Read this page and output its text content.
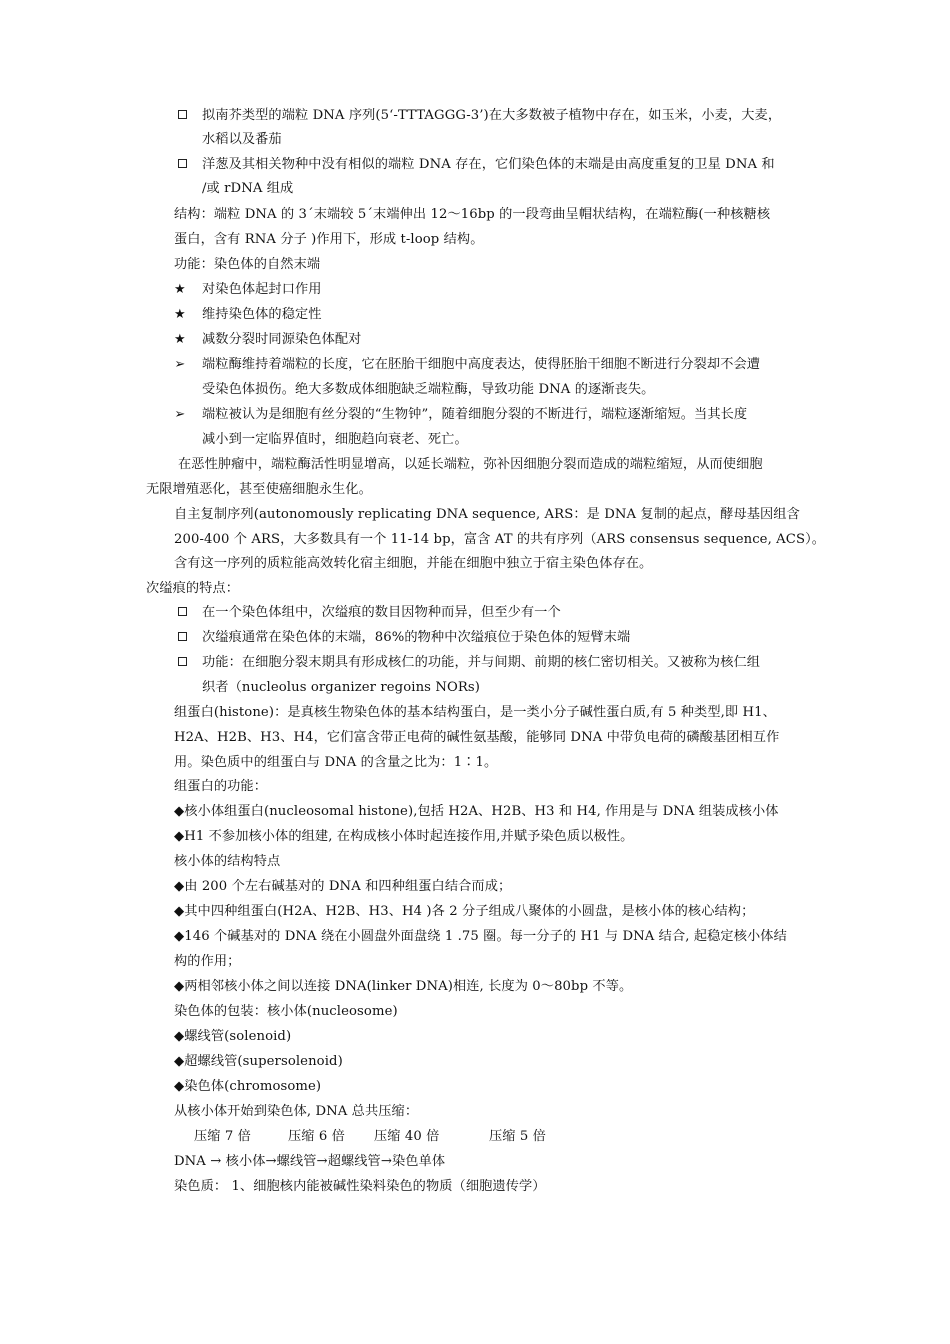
拟南芥类型的端粒 DNA 序列(5‘-TTTAGGG-3’)在大多数被子植物中存在，如玉米，小麦，大麦，
水稻以及番茄
洋葱及其相关物种中没有相似的端粒 DNA 存在，它们染色体的末端是由高度重复的卫星 DNA 和
/或 rDNA 组成
结构：端粒 DNA 的 3´末端较 5´末端伸出 12～16bp 的一段弯曲呈帽状结构，在端粒酶(一种核糖核
蛋白，含有 RNA 分子 )作用下，形成 t-loop 结构。
功能：染色体的自然末端
★ 对染色体起封口作用
★ 维持染色体的稳定性
★ 减数分裂时同源染色体配对
➢ 端粒酶维持着端粒的长度，它在胚胎干细胞中高度表达，使得胚胎干细胞不断进行分裂却不会遭
受染色体损伤。绝大多数成体细胞缺乏端粒酶，导致功能 DNA 的逐渐丧失。
➢ 端粒被认为是细胞有丝分裂的“生物钟”，随着细胞分裂的不断进行，端粒逐渐缩短。当其长度
减小到一定临界值时，细胞趋向衰老、死亡。
在恶性肿瘤中，端粒酶活性明显增高，以延长端粒，弥补因细胞分裂而造成的端粒缩短，从而使细胞
无限增殖恶化，甚至使癌细胞永生化。
自主复制序列(autonomously replicating DNA sequence, ARS：是 DNA 复制的起点，酵母基因组含
200-400 个 ARS，大多数具有一个 11-14 bp，富含 AT 的共有序列（ARS consensus sequence, ACS）。
含有这一序列的质粒能高效转化宿主细胞，并能在细胞中独立于宿主染色体存在。
次缢痕的特点：
在一个染色体组中，次缢痕的数目因物种而异，但至少有一个
次缢痕通常在染色体的末端，86%的物种中次缢痕位于染色体的短臂末端
功能：在细胞分裂末期具有形成核仁的功能，并与间期、前期的核仁密切相关。又被称为核仁组
织者（nucleolus organizer regoins NORs)
组蛋白(histone)：是真核生物染色体的基本结构蛋白，是一类小分子碱性蛋白质,有 5 种类型,即 H1、
H2A、H2B、H3、H4，它们富含带正电荷的碱性氨基酸，能够同 DNA 中带负电荷的磷酸基团相互作
用。染色质中的组蛋白与 DNA 的含量之比为：1∶1。
组蛋白的功能：
◆核小体组蛋白(nucleosomal histone),包括 H2A、H2B、H3 和 H4, 作用是与 DNA 组装成核小体
◆H1 不参加核小体的组建, 在构成核小体时起连接作用,并赋予染色质以极性。
核小体的结构特点
◆由 200 个左右碱基对的 DNA 和四种组蛋白结合而成；
◆其中四种组蛋白(H2A、H2B、H3、H4 )各 2 分子组成八聚体的小圆盘，是核小体的核心结构；
◆146 个碱基对的 DNA 绕在小圆盘外面盘绕 1 .75 圈。每一分子的 H1 与 DNA 结合, 起稳定核小体结
构的作用；
◆两相邻核小体之间以连接 DNA(linker DNA)相连, 长度为 0～80bp 不等。
染色体的包装：核小体(nucleosome)
◆螺线管(solenoid)
◆超螺线管(supersolenoid)
◆染色体(chromosome)
从核小体开始到染色体, DNA 总共压缩：
压缩 7 倍	压缩 6 倍 压缩 40 倍	压缩 5 倍
DNA → 核小体→螺线管→超螺线管→染色单体
染色质： 1、细胞核内能被碱性染料染色的物质（细胞遗传学）
